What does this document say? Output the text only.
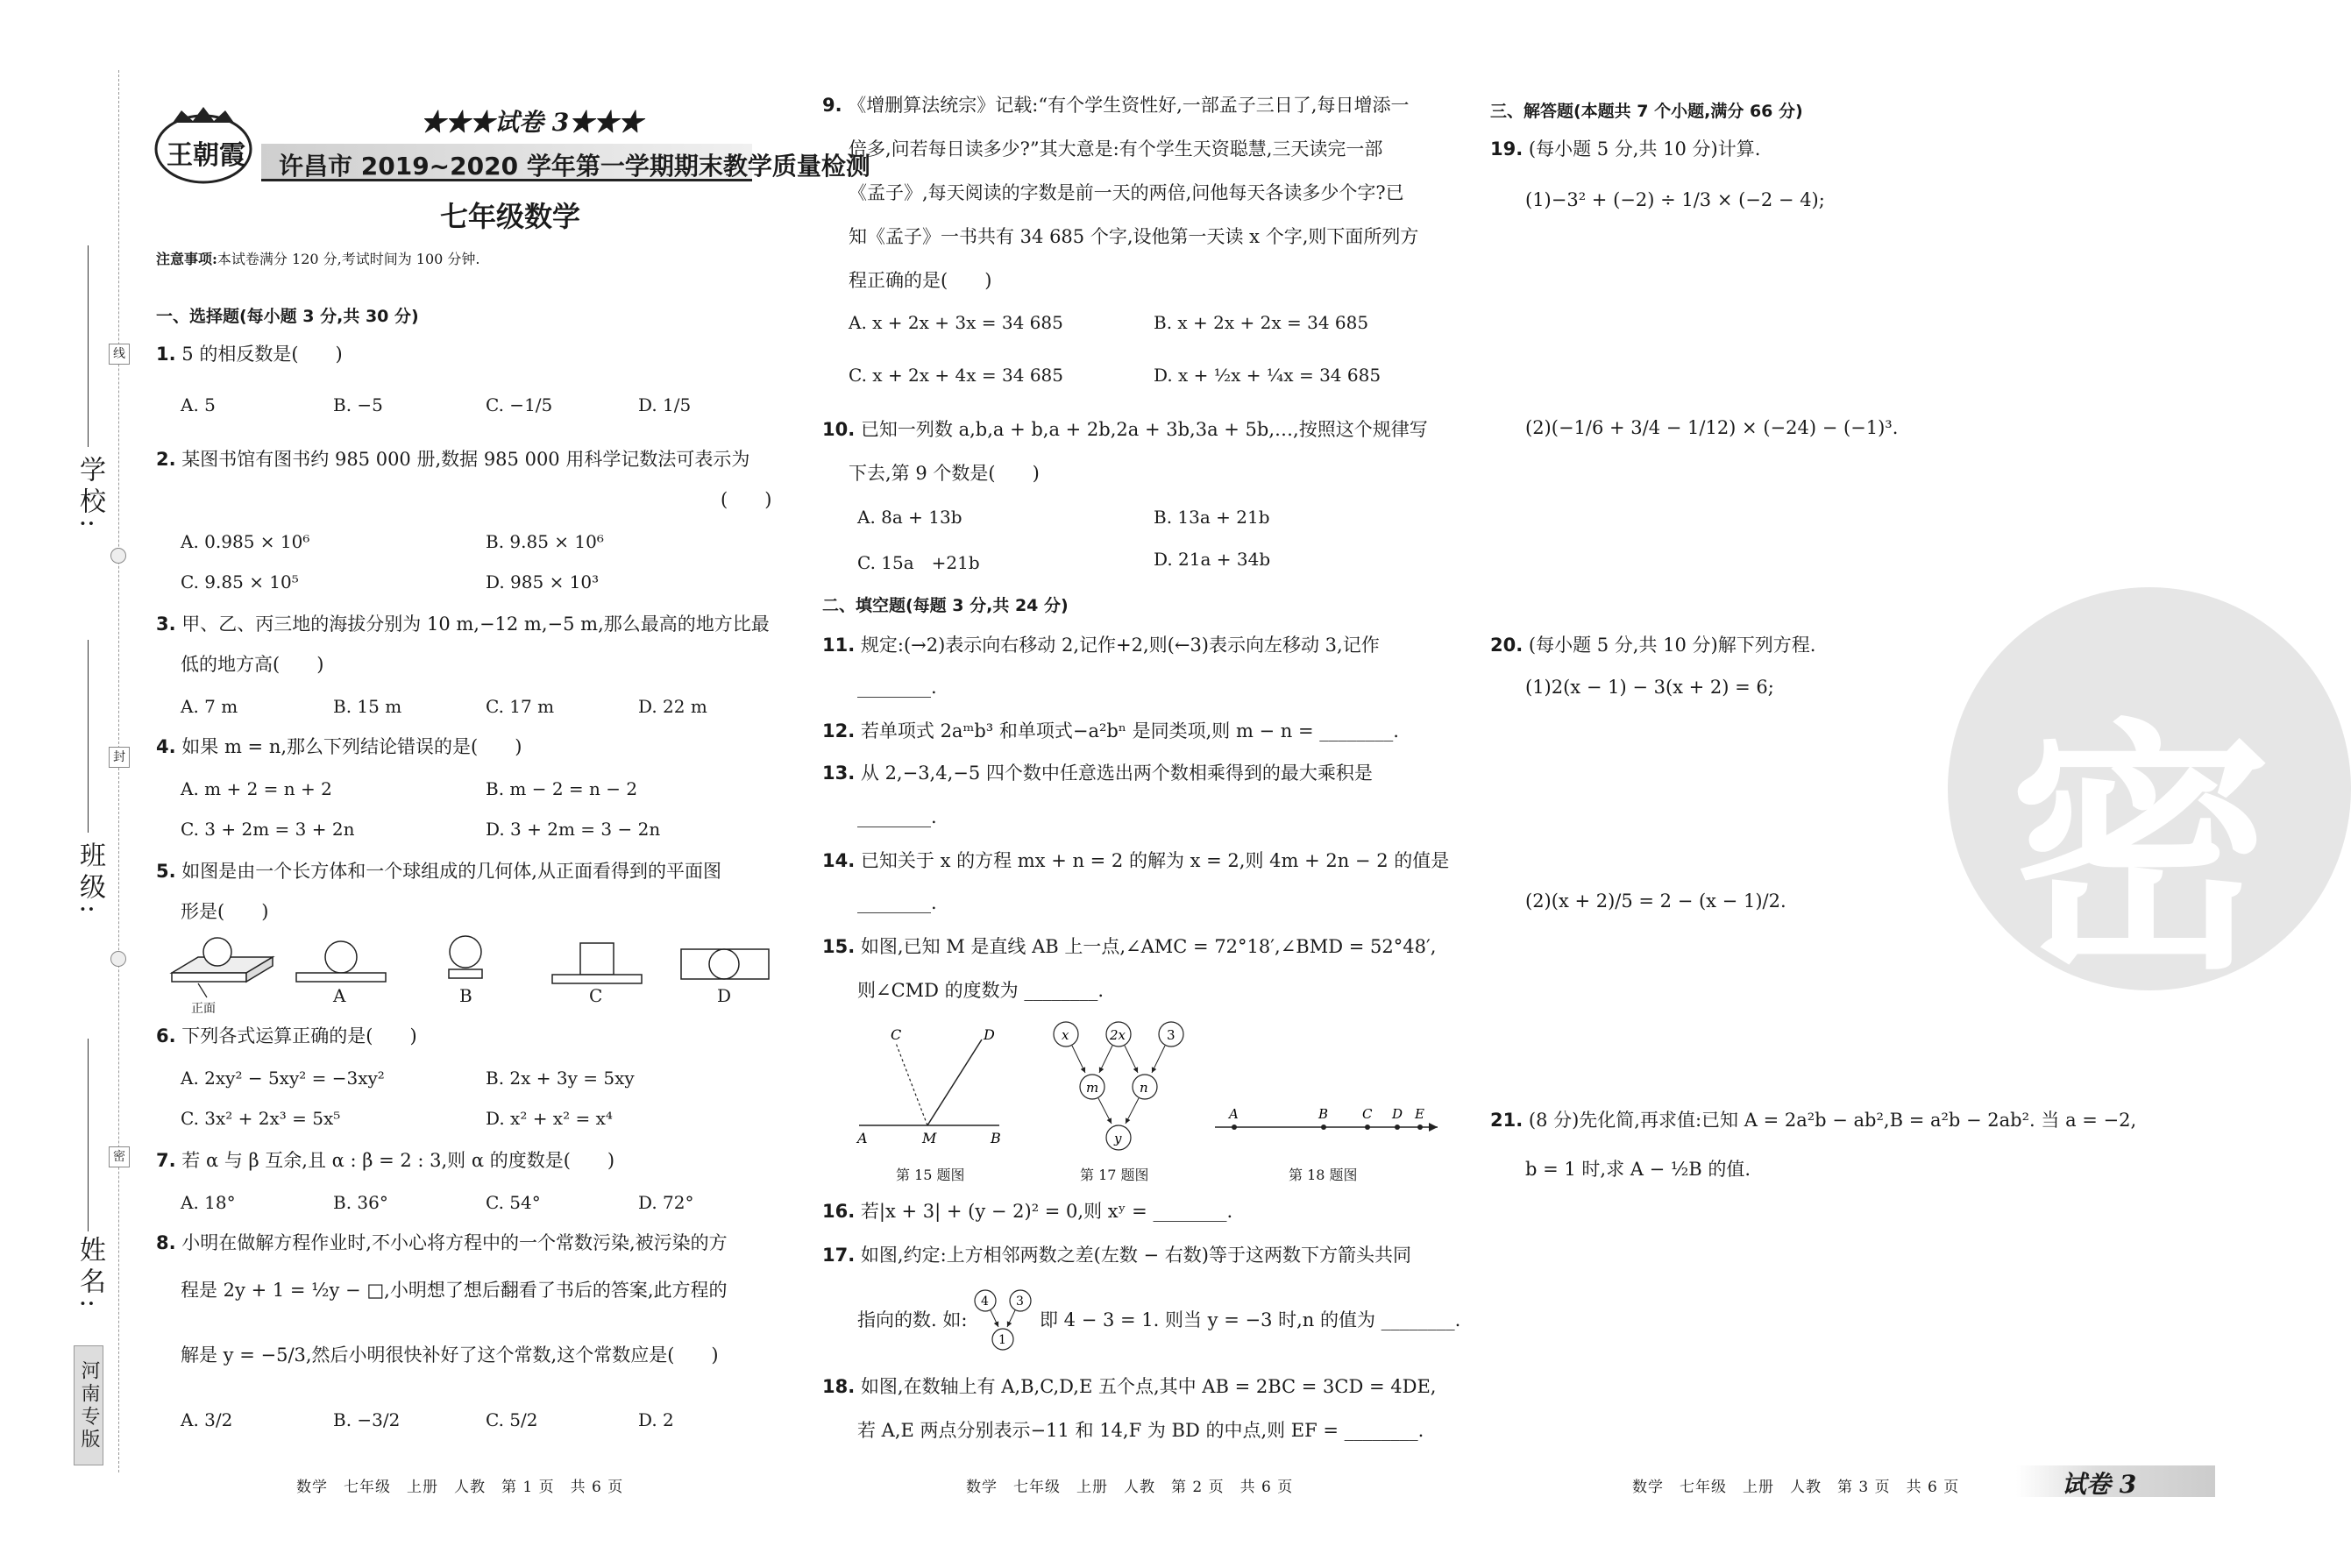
学校:
班级:
姓名:
线
封
密
河南专版
王朝霞
★★★试卷 3★★★
许昌市 2019~2020 学年第一学期期末教学质量检测
七年级数学
注意事项:本试卷满分 120 分,考试时间为 100 分钟.
一、选择题(每小题 3 分,共 30 分)
1. 5 的相反数是(　　)
A. 5	B. −5	C. −1/5	D. 1/5
2. 某图书馆有图书约 985 000 册,数据 985 000 用科学记数法可表示为
(　　)
A. 0.985 × 10⁶	B. 9.85 × 10⁶
C. 9.85 × 10⁵	D. 985 × 10³
3. 甲、乙、丙三地的海拔分别为 10 m,−12 m,−5 m,那么最高的地方比最
低的地方高(　　)
A. 7 m	B. 15 m	C. 17 m	D. 22 m
4. 如果 m = n,那么下列结论错误的是(　　)
A. m + 2 = n + 2	B. m − 2 = n − 2
C. 3 + 2m = 3 + 2n	D. 3 + 2m = 3 − 2n
5. 如图是由一个长方体和一个球组成的几何体,从正面看得到的平面图
形是(　　)
正面
A	B	C	D
6. 下列各式运算正确的是(　　)
A. 2xy² − 5xy² = −3xy²	B. 2x + 3y = 5xy
C. 3x² + 2x³ = 5x⁵	D. x² + x² = x⁴
7. 若 α 与 β 互余,且 α : β = 2 : 3,则 α 的度数是(　　)
A. 18°	B. 36°	C. 54°	D. 72°
8. 小明在做解方程作业时,不小心将方程中的一个常数污染,被污染的方
程是 2y + 1 = ½y − □,小明想了想后翻看了书后的答案,此方程的
解是 y = −5/3,然后小明很快补好了这个常数,这个常数应是(　　)
A. 3/2	B. −3/2	C. 5/2	D. 2
9. 《增删算法统宗》记载:“有个学生资性好,一部孟子三日了,每日增添一
倍多,问若每日读多少?”其大意是:有个学生天资聪慧,三天读完一部
《孟子》,每天阅读的字数是前一天的两倍,问他每天各读多少个字?已
知《孟子》一书共有 34 685 个字,设他第一天读 x 个字,则下面所列方
程正确的是(　　)
A. x + 2x + 3x = 34 685	B. x + 2x + 2x = 34 685
C. x + 2x + 4x = 34 685	D. x + ½x + ¼x = 34 685
10. 已知一列数 a,b,a + b,a + 2b,2a + 3b,3a + 5b,…,按照这个规律写
下去,第 9 个数是(　　)
A. 8a + 13b	B. 13a + 21b
C. 15a　+21b	D. 21a + 34b
二、填空题(每题 3 分,共 24 分)
11. 规定:(→2)表示向右移动 2,记作+2,则(←3)表示向左移动 3,记作
________.
12. 若单项式 2aᵐb³ 和单项式−a²bⁿ 是同类项,则 m − n = ________.
13. 从 2,−3,4,−5 四个数中任意选出两个数相乘得到的最大乘积是
________.
14. 已知关于 x 的方程 mx + n = 2 的解为 x = 2,则 4m + 2n − 2 的值是
________.
15. 如图,已知 M 是直线 AB 上一点,∠AMC = 72°18′,∠BMD = 52°48′,
则∠CMD 的度数为 ________.
C	D
A	M	B
第 15 题图
x	2x	3
m	n
y
第 17 题图
A	B	C D E
第 18 题图
16. 若|x + 3| + (y − 2)² = 0,则 xʸ = ________.
17. 如图,约定:上方相邻两数之差(左数 − 右数)等于这两数下方箭头共同
指向的数. 如:
4 3
1
即 4 − 3 = 1. 则当 y = −3 时,n 的值为 ________.
18. 如图,在数轴上有 A,B,C,D,E 五个点,其中 AB = 2BC = 3CD = 4DE,
若 A,E 两点分别表示−11 和 14,F 为 BD 的中点,则 EF = ________.
密
三、解答题(本题共 7 个小题,满分 66 分)
19. (每小题 5 分,共 10 分)计算.
(1)−3² + (−2) ÷ 1/3 × (−2 − 4);
(2)(−1/6 + 3/4 − 1/12) × (−24) − (−1)³.
20. (每小题 5 分,共 10 分)解下列方程.
(1)2(x − 1) − 3(x + 2) = 6;
(2)(x + 2)/5 = 2 − (x − 1)/2.
21. (8 分)先化简,再求值:已知 A = 2a²b − ab²,B = a²b − 2ab². 当 a = −2,
b = 1 时,求 A − ½B 的值.
数学　七年级　上册　人教　第 1 页　共 6 页	数学　七年级　上册　人教　第 2 页　共 6 页	数学　七年级　上册　人教　第 3 页　共 6 页	试卷 3
